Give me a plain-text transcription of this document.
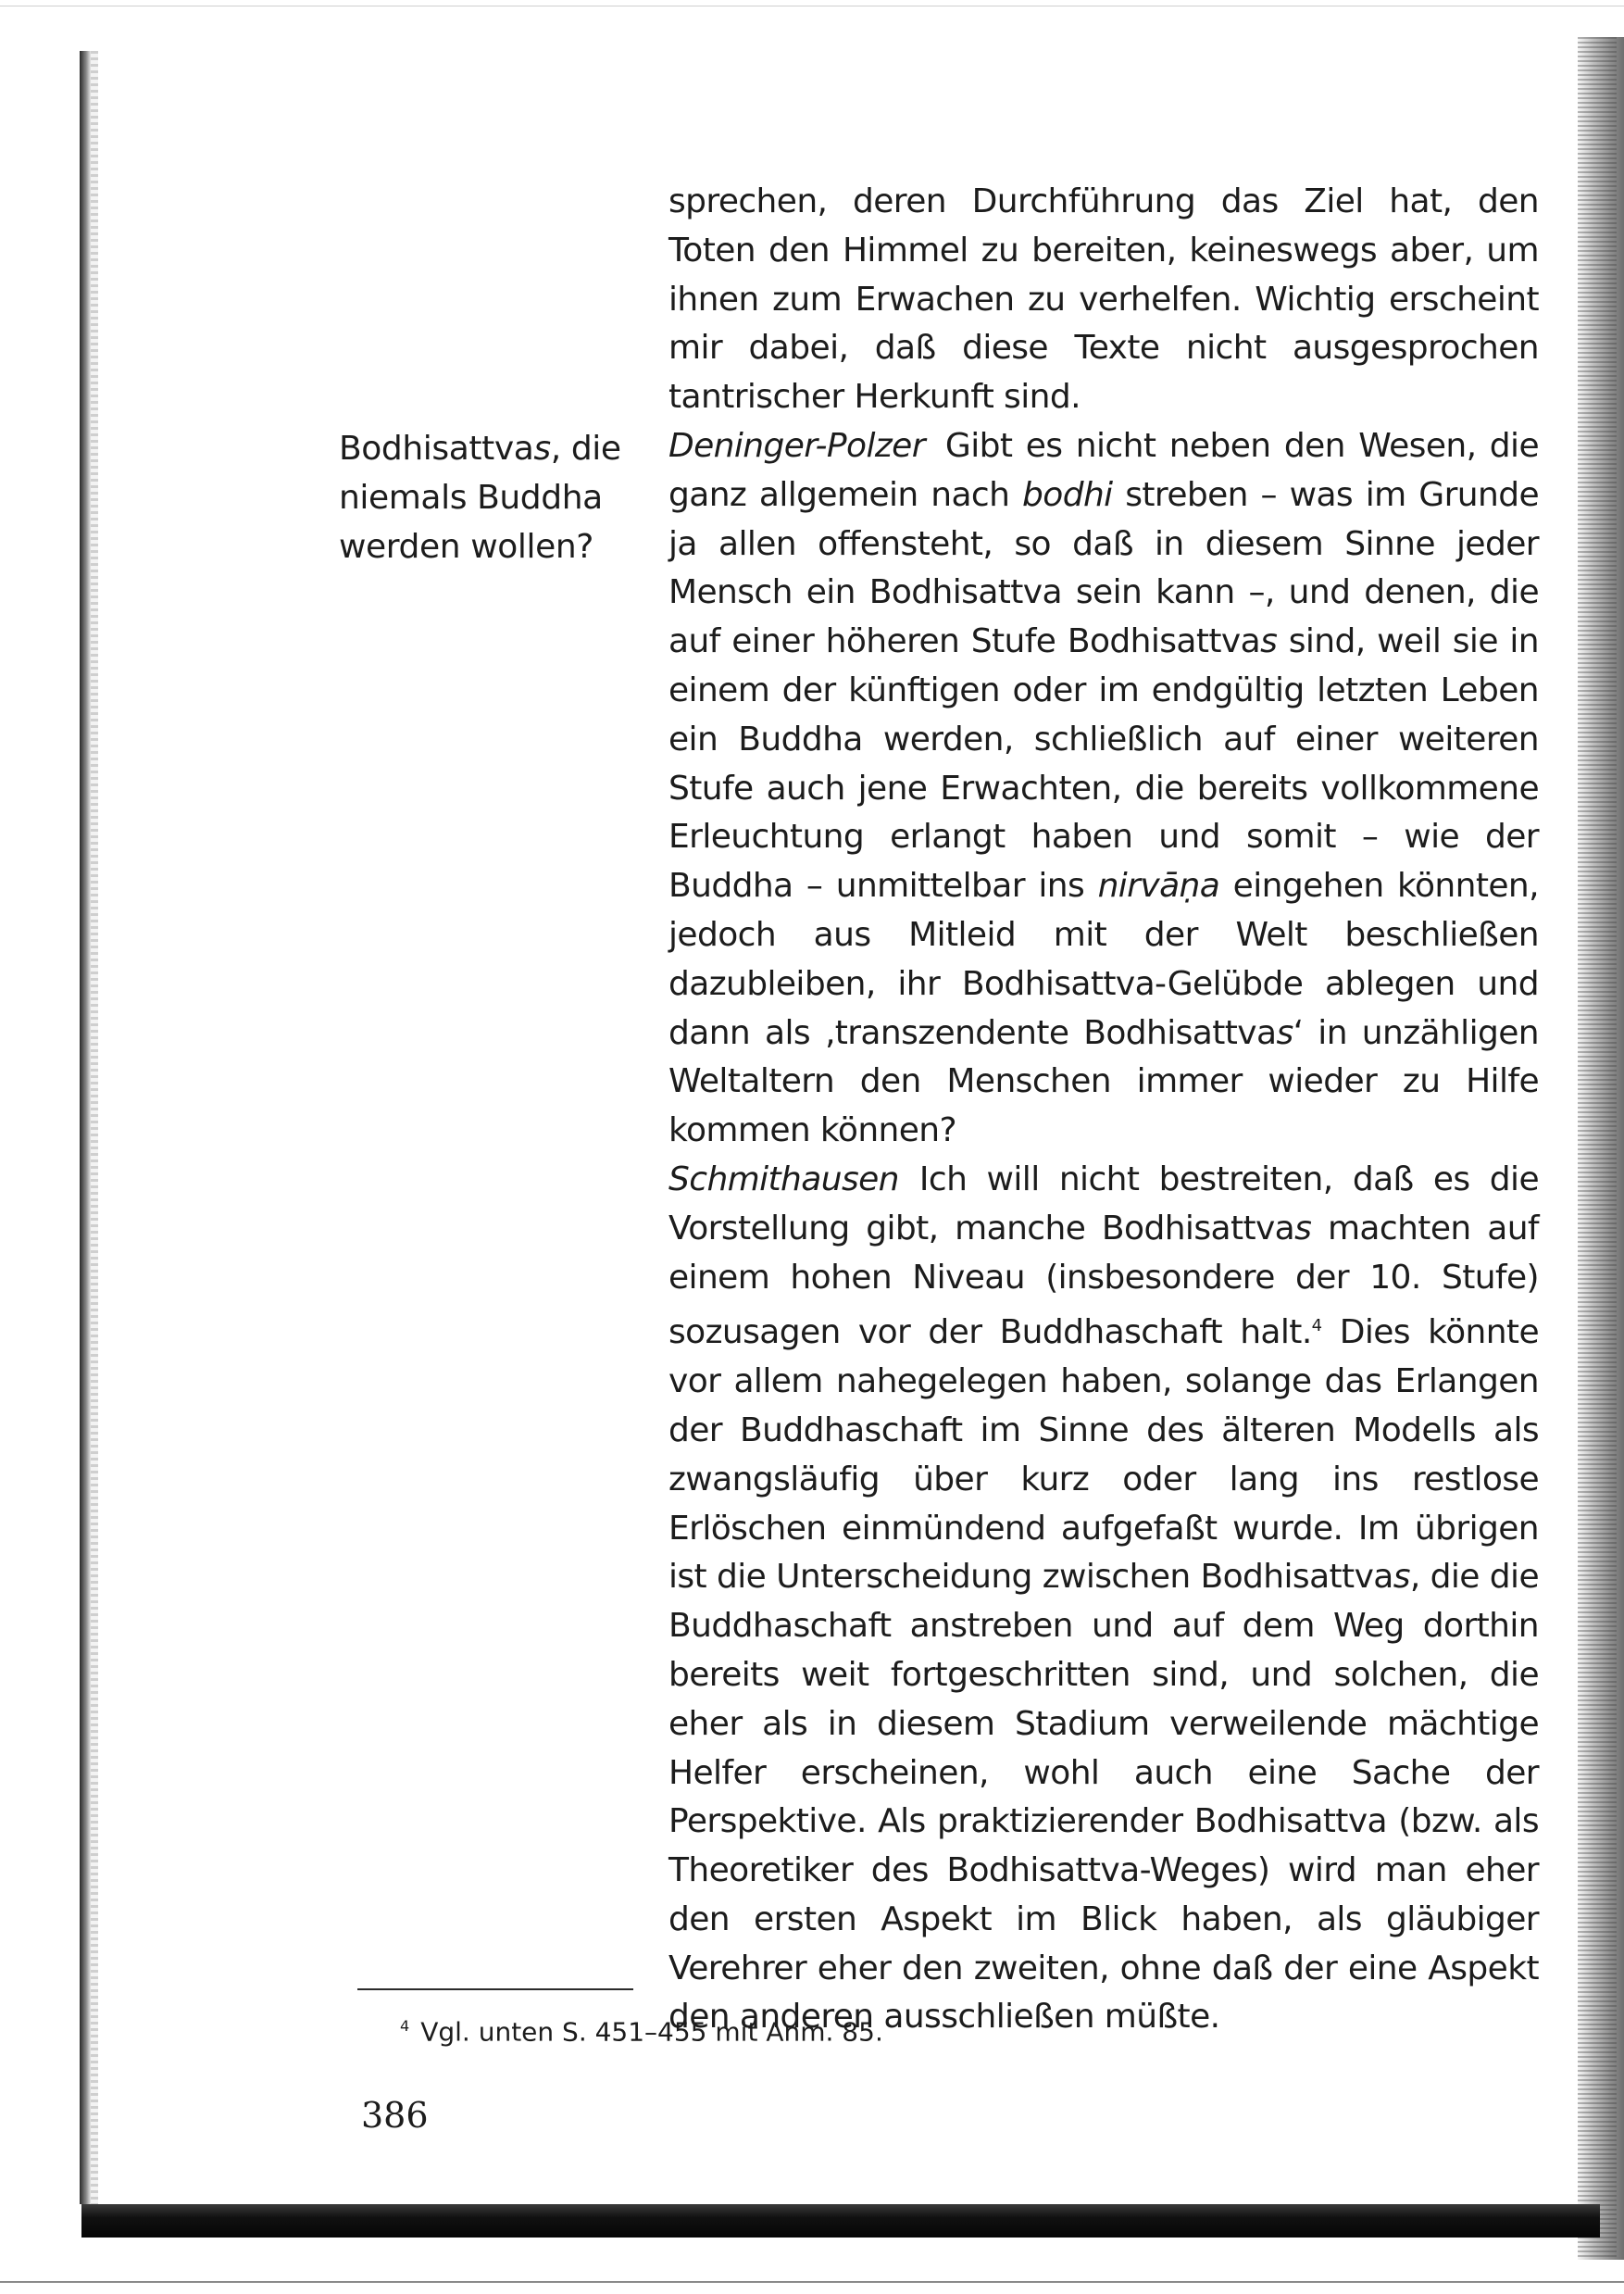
Bodhisattvas, die niemals Buddha werden wollen?

sprechen, deren Durchführung das Ziel hat, den Toten den Himmel zu bereiten, keineswegs aber, um ihnen zum Erwachen zu verhelfen. Wichtig erscheint mir dabei, daß diese Texte nicht ausgesprochen tantrischer Herkunft sind.

Deninger-Polzer Gibt es nicht neben den Wesen, die ganz allgemein nach bodhi streben – was im Grunde ja allen offensteht, so daß in diesem Sinne jeder Mensch ein Bodhisattva sein kann –, und denen, die auf einer höheren Stufe Bodhisattvas sind, weil sie in einem der künftigen oder im endgültig letzten Leben ein Buddha werden, schließlich auf einer weiteren Stufe auch jene Erwachten, die bereits vollkommene Erleuchtung erlangt haben und somit – wie der Buddha – unmittelbar ins nirvāṇa eingehen könnten, jedoch aus Mitleid mit der Welt beschließen dazubleiben, ihr Bodhisattva-Gelübde ablegen und dann als ‚transzendente Bodhisattvas‘ in unzähligen Weltaltern den Menschen immer wieder zu Hilfe kommen können?

Schmithausen Ich will nicht bestreiten, daß es die Vorstellung gibt, manche Bodhisattvas machten auf einem hohen Niveau (insbesondere der 10. Stufe) sozusagen vor der Buddhaschaft halt.$^4$ Dies könnte vor allem nahegelegen haben, solange das Erlangen der Buddhaschaft im Sinne des älteren Modells als zwangsläufig über kurz oder lang ins restlose Erlöschen einmündend aufgefaßt wurde. Im übrigen ist die Unterscheidung zwischen Bodhisattvas, die die Buddhaschaft anstreben und auf dem Weg dorthin bereits weit fortgeschritten sind, und solchen, die eher als in diesem Stadium verweilende mächtige Helfer erscheinen, wohl auch eine Sache der Perspektive. Als praktizierender Bodhisattva (bzw. als Theoretiker des Bodhisattva-Weges) wird man eher den ersten Aspekt im Blick haben, als gläubiger Verehrer eher den zweiten, ohne daß der eine Aspekt den anderen ausschließen müßte.

$^4$ Vgl. unten S. 451–455 mit Anm. 85.
386
